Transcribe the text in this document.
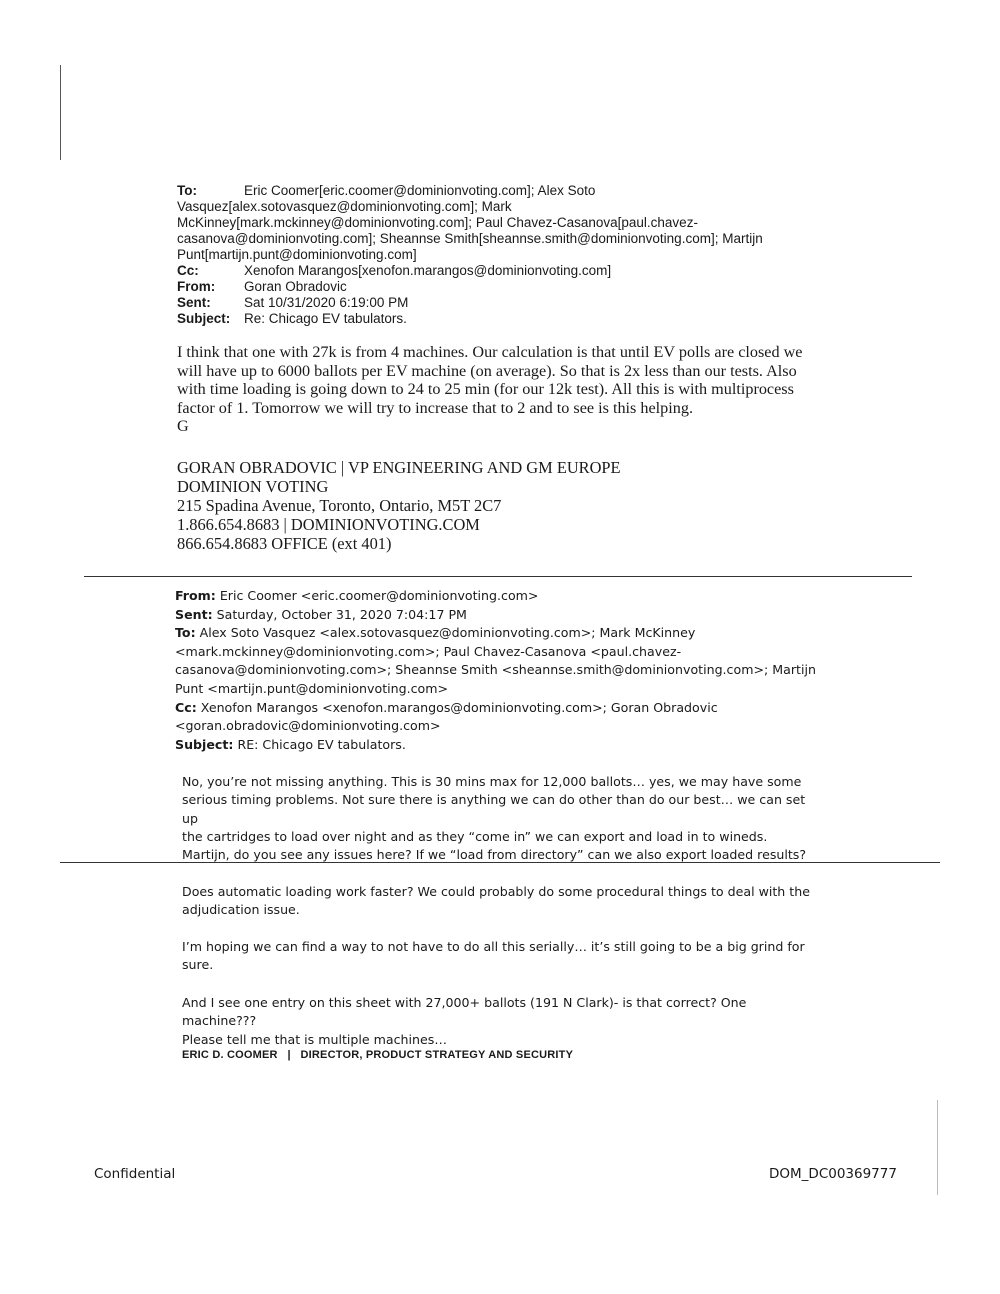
To:	Eric Coomer[eric.coomer@dominionvoting.com]; Alex Soto
Vasquez[alex.sotovasquez@dominionvoting.com]; Mark
McKinney[mark.mckinney@dominionvoting.com]; Paul Chavez-Casanova[paul.chavez-
casanova@dominionvoting.com]; Sheannse Smith[sheannse.smith@dominionvoting.com]; Martijn
Punt[martijn.punt@dominionvoting.com]
Cc:	Xenofon Marangos[xenofon.marangos@dominionvoting.com]
From:	Goran Obradovic
Sent:	Sat 10/31/2020 6:19:00 PM
Subject:	Re: Chicago EV tabulators.
I think that one with 27k is from 4 machines. Our calculation is that until EV polls are closed we
will have up to 6000 ballots per EV machine (on average). So that is 2x less than our tests. Also
with time loading is going down to 24 to 25 min (for our 12k test). All this is with multiprocess
factor of 1. Tomorrow we will try to increase that to 2 and to see is this helping.
G
GORAN OBRADOVIC | VP ENGINEERING AND GM EUROPE
DOMINION VOTING
215 Spadina Avenue, Toronto, Ontario, M5T 2C7
1.866.654.8683 | DOMINIONVOTING.COM
866.654.8683 OFFICE (ext 401)
From: Eric Coomer <eric.coomer@dominionvoting.com>
Sent: Saturday, October 31, 2020 7:04:17 PM
To: Alex Soto Vasquez <alex.sotovasquez@dominionvoting.com>; Mark McKinney
<mark.mckinney@dominionvoting.com>; Paul Chavez-Casanova <paul.chavez-
casanova@dominionvoting.com>; Sheannse Smith <sheannse.smith@dominionvoting.com>; Martijn
Punt <martijn.punt@dominionvoting.com>
Cc: Xenofon Marangos <xenofon.marangos@dominionvoting.com>; Goran Obradovic
<goran.obradovic@dominionvoting.com>
Subject: RE: Chicago EV tabulators.
No, you’re not missing anything. This is 30 mins max for 12,000 ballots… yes, we may have some
serious timing problems. Not sure there is anything we can do other than do our best… we can set up
the cartridges to load over night and as they “come in” we can export and load in to wineds.
Martijn, do you see any issues here? If we “load from directory” can we also export loaded results?
Does automatic loading work faster? We could probably do some procedural things to deal with the
adjudication issue.
I’m hoping we can find a way to not have to do all this serially… it’s still going to be a big grind for
sure.
And I see one entry on this sheet with 27,000+ ballots (191 N Clark)- is that correct? One machine???
Please tell me that is multiple machines…
ERIC D. COOMER   |   DIRECTOR, PRODUCT STRATEGY AND SECURITY
Confidential	DOM_DC00369777
